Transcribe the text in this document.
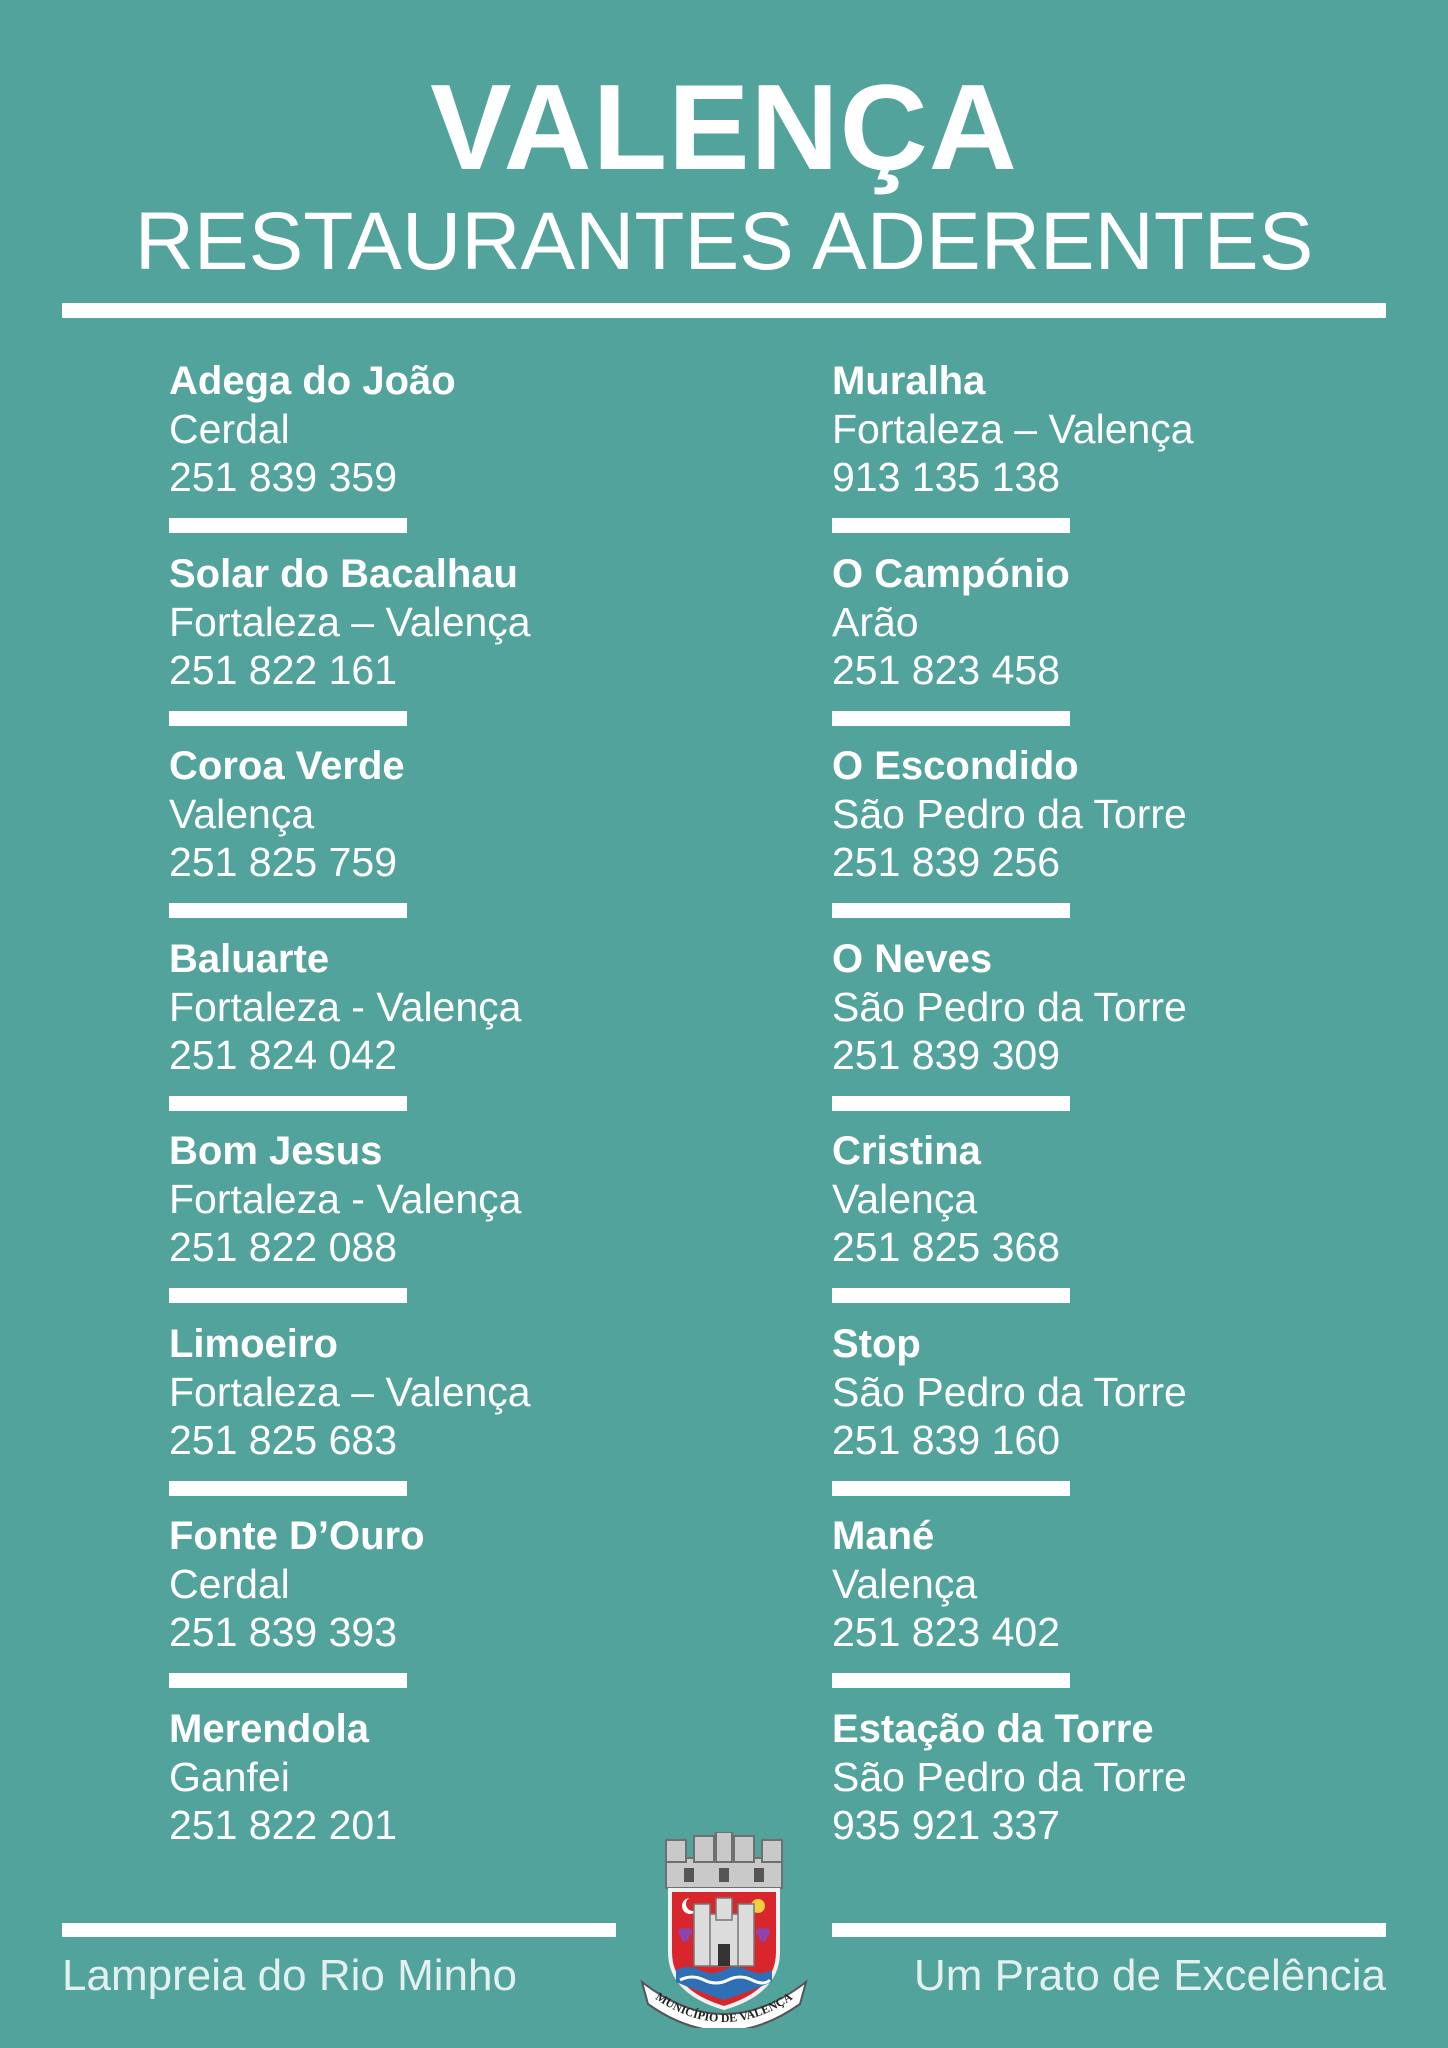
VALENÇA
RESTAURANTES ADERENTES
Adega do João
Cerdal
251 839 359
Solar do Bacalhau
Fortaleza – Valença
251 822 161
Coroa Verde
Valença
251 825 759
Baluarte
Fortaleza - Valença
251 824 042
Bom Jesus
Fortaleza - Valença
251 822 088
Limoeiro
Fortaleza – Valença
251 825 683
Fonte D’Ouro
Cerdal
251 839 393
Merendola
Ganfei
251 822 201
Muralha
Fortaleza – Valença
913 135 138
O Campónio
Arão
251 823 458
O Escondido
São Pedro da Torre
251 839 256
O Neves
São Pedro da Torre
251 839 309
Cristina
Valença
251 825 368
Stop
São Pedro da Torre
251 839 160
Mané
Valença
251 823 402
Estação da Torre
São Pedro da Torre
935 921 337
Lampreia do Rio Minho	Um Prato de Excelência
MUNICÍPIO DE VALENÇA
